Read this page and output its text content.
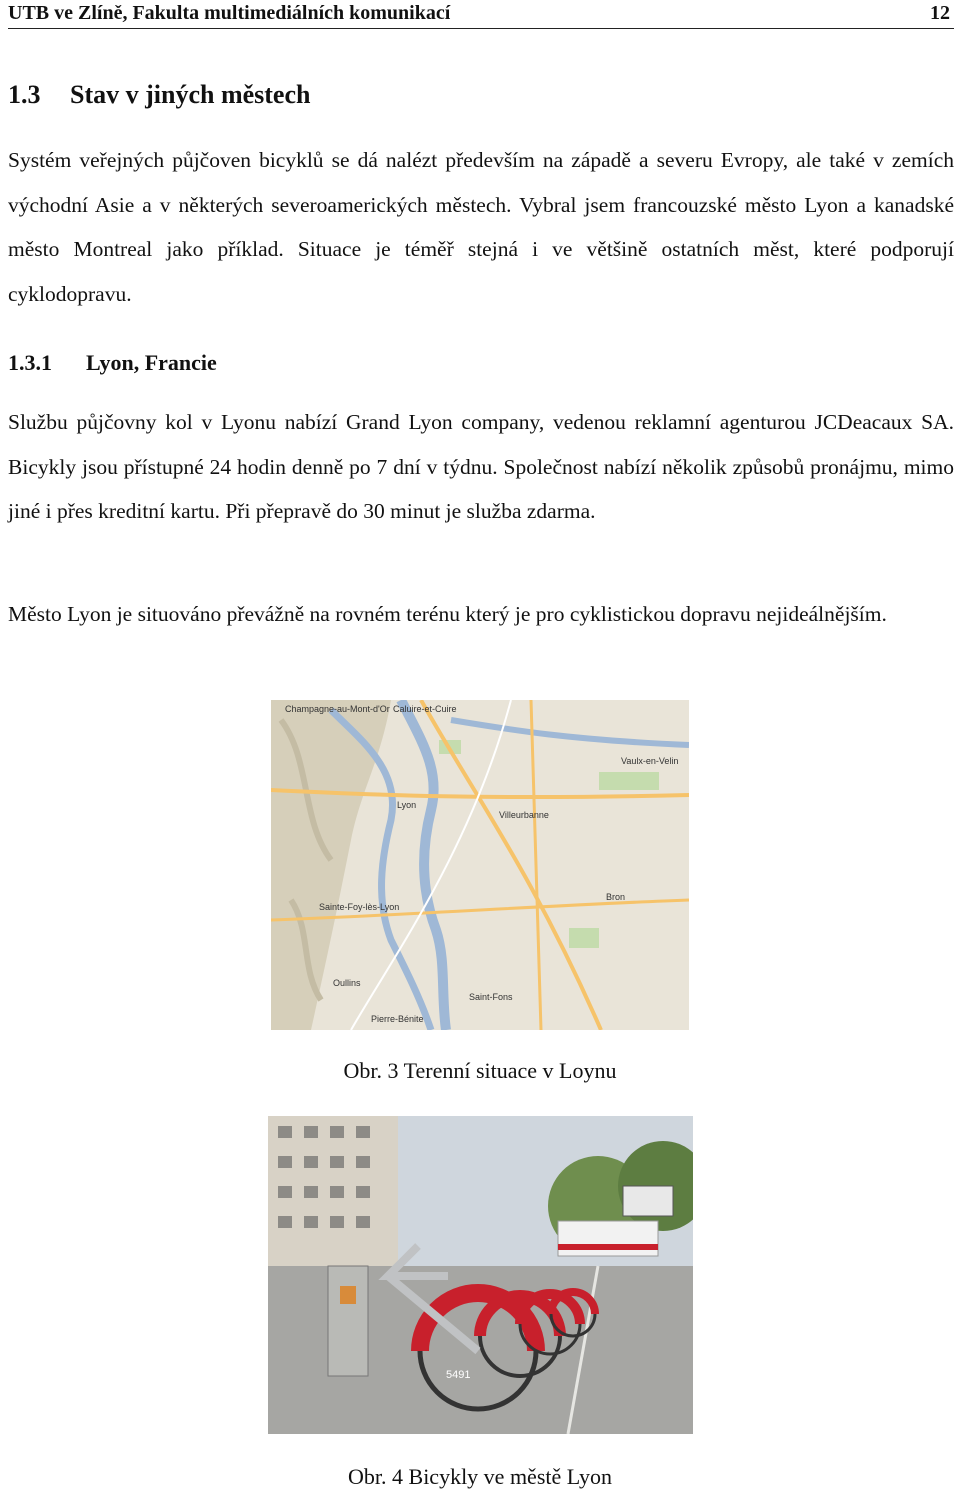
UTB ve Zlíně, Fakulta multimediálních komunikací	12
1.3 Stav v jiných městech
Systém veřejných půjčoven bicyklů se dá nalézt především na západě a severu Evropy, ale také v zemích východní Asie a v některých severoamerických městech. Vybral jsem francouzské město Lyon a kanadské město Montreal jako příklad. Situace je téměř stejná i ve většině ostatních měst, které podporují cyklodopravu.
1.3.1 Lyon, Francie
Službu půjčovny kol v Lyonu nabízí Grand Lyon company, vedenou reklamní agenturou JCDeacaux SA. Bicykly jsou přístupné 24 hodin denně po 7 dní v týdnu. Společnost nabízí několik způsobů pronájmu, mimo jiné i přes kreditní kartu. Při přepravě do 30 minut je služba zdarma.
Město Lyon je situováno převážně na rovném terénu který je pro cyklistickou dopravu nejideálnějším.
Champagne-au-Mont-d'Or Caluire-et-Cuire
Vaulx-en-Velin
Lyon
Villeurbanne
Bron
Sainte-Foy-lès-Lyon
Oullins
Saint-Fons
Pierre-Bénite
Obr. 3 Terenní situace v Loynu
5491
Obr. 4 Bicykly ve městě Lyon
